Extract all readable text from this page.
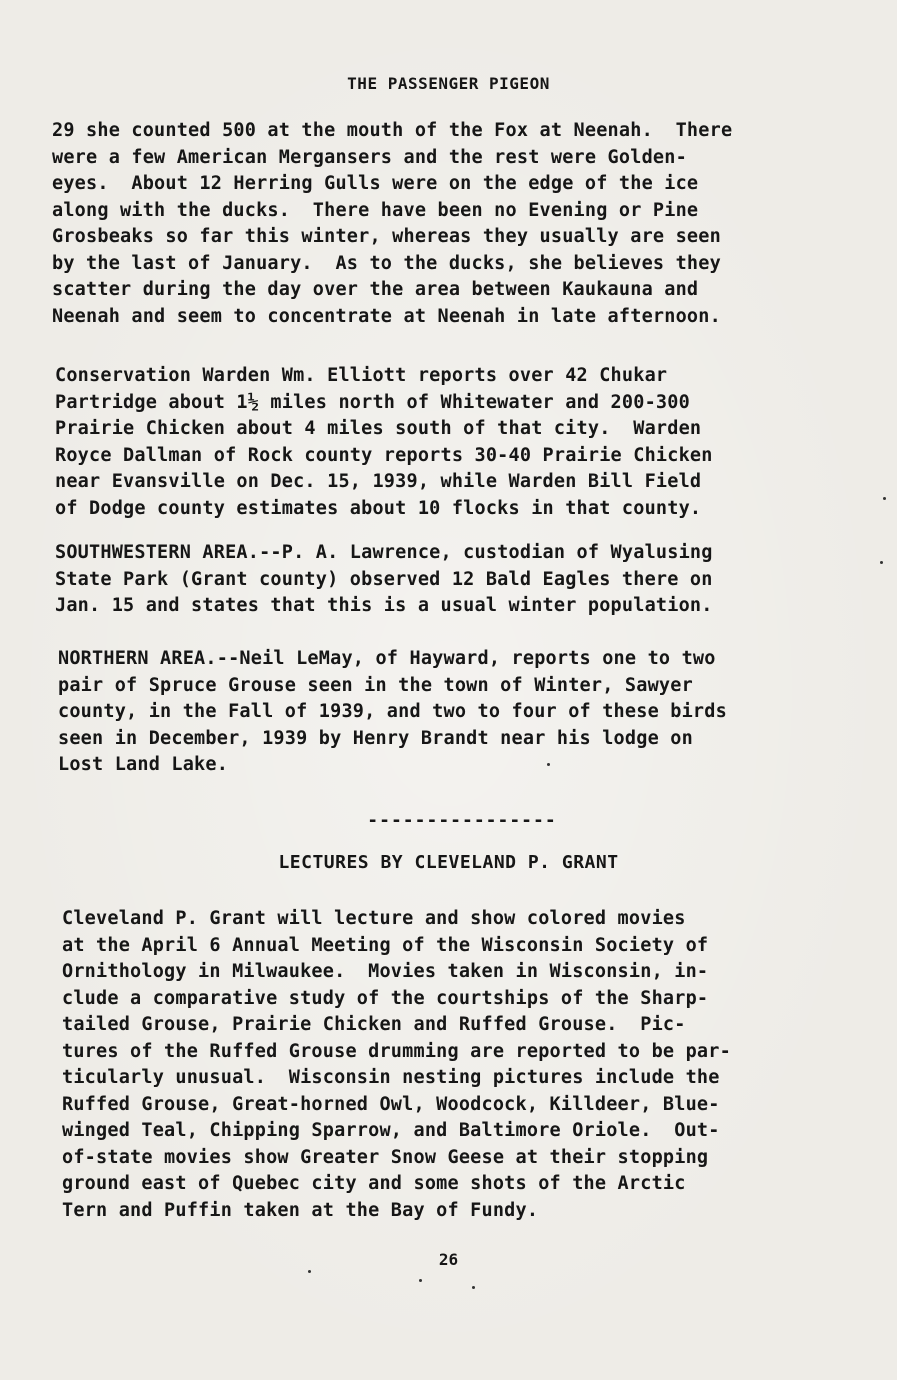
THE PASSENGER PIGEON
29 she counted 500 at the mouth of the Fox at Neenah.  There
were a few American Mergansers and the rest were Golden-
eyes.  About 12 Herring Gulls were on the edge of the ice
along with the ducks.  There have been no Evening or Pine
Grosbeaks so far this winter, whereas they usually are seen
by the last of January.  As to the ducks, she believes they
scatter during the day over the area between Kaukauna and
Neenah and seem to concentrate at Neenah in late afternoon.
Conservation Warden Wm. Elliott reports over 42 Chukar
Partridge about 1½ miles north of Whitewater and 200-300
Prairie Chicken about 4 miles south of that city.  Warden
Royce Dallman of Rock county reports 30-40 Prairie Chicken
near Evansville on Dec. 15, 1939, while Warden Bill Field
of Dodge county estimates about 10 flocks in that county.
SOUTHWESTERN AREA.--P. A. Lawrence, custodian of Wyalusing
State Park (Grant county) observed 12 Bald Eagles there on
Jan. 15 and states that this is a usual winter population.
NORTHERN AREA.--Neil LeMay, of Hayward, reports one to two
pair of Spruce Grouse seen in the town of Winter, Sawyer
county, in the Fall of 1939, and two to four of these birds
seen in December, 1939 by Henry Brandt near his lodge on
Lost Land Lake.
----------------
LECTURES BY CLEVELAND P. GRANT
Cleveland P. Grant will lecture and show colored movies
at the April 6 Annual Meeting of the Wisconsin Society of
Ornithology in Milwaukee.  Movies taken in Wisconsin, in-
clude a comparative study of the courtships of the Sharp-
tailed Grouse, Prairie Chicken and Ruffed Grouse.  Pic-
tures of the Ruffed Grouse drumming are reported to be par-
ticularly unusual.  Wisconsin nesting pictures include the
Ruffed Grouse, Great-horned Owl, Woodcock, Killdeer, Blue-
winged Teal, Chipping Sparrow, and Baltimore Oriole.  Out-
of-state movies show Greater Snow Geese at their stopping
ground east of Quebec city and some shots of the Arctic
Tern and Puffin taken at the Bay of Fundy.
26
